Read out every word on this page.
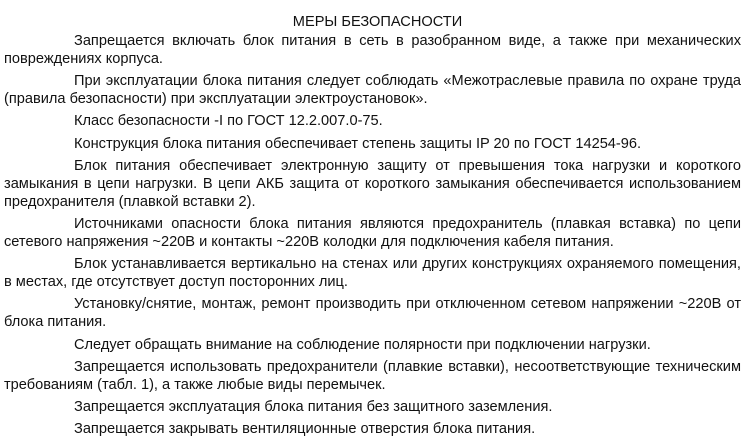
МЕРЫ БЕЗОПАСНОСТИ

Запрещается включать блок питания в сеть в разобранном виде, а также при механических повреждениях корпуса.

При эксплуатации блока питания следует соблюдать «Межотраслевые правила по охране труда (правила безопасности) при эксплуатации электроустановок».

Класс безопасности -I по ГОСТ 12.2.007.0-75.

Конструкция блока питания обеспечивает степень защиты IP 20 по ГОСТ 14254-96.

Блок питания обеспечивает электронную защиту от превышения тока нагрузки и короткого замыкания в цепи нагрузки. В цепи АКБ защита от короткого замыкания обеспечивается использованием предохранителя (плавкой вставки 2).

Источниками опасности блока питания являются предохранитель (плавкая вставка) по цепи сетевого напряжения ~220В и контакты ~220В колодки для подключения кабеля питания.

Блок устанавливается вертикально на стенах или других конструкциях охраняемого помещения, в местах, где отсутствует доступ посторонних лиц.

Установку/снятие, монтаж, ремонт производить при отключенном сетевом напряжении ~220В от блока питания.

Следует обращать внимание на соблюдение полярности при подключении нагрузки.

Запрещается использовать предохранители (плавкие вставки), несоответствующие техническим требованиям (табл. 1), а также любые виды перемычек.

Запрещается эксплуатация блока питания без защитного заземления.

Запрещается закрывать вентиляционные отверстия блока питания.
